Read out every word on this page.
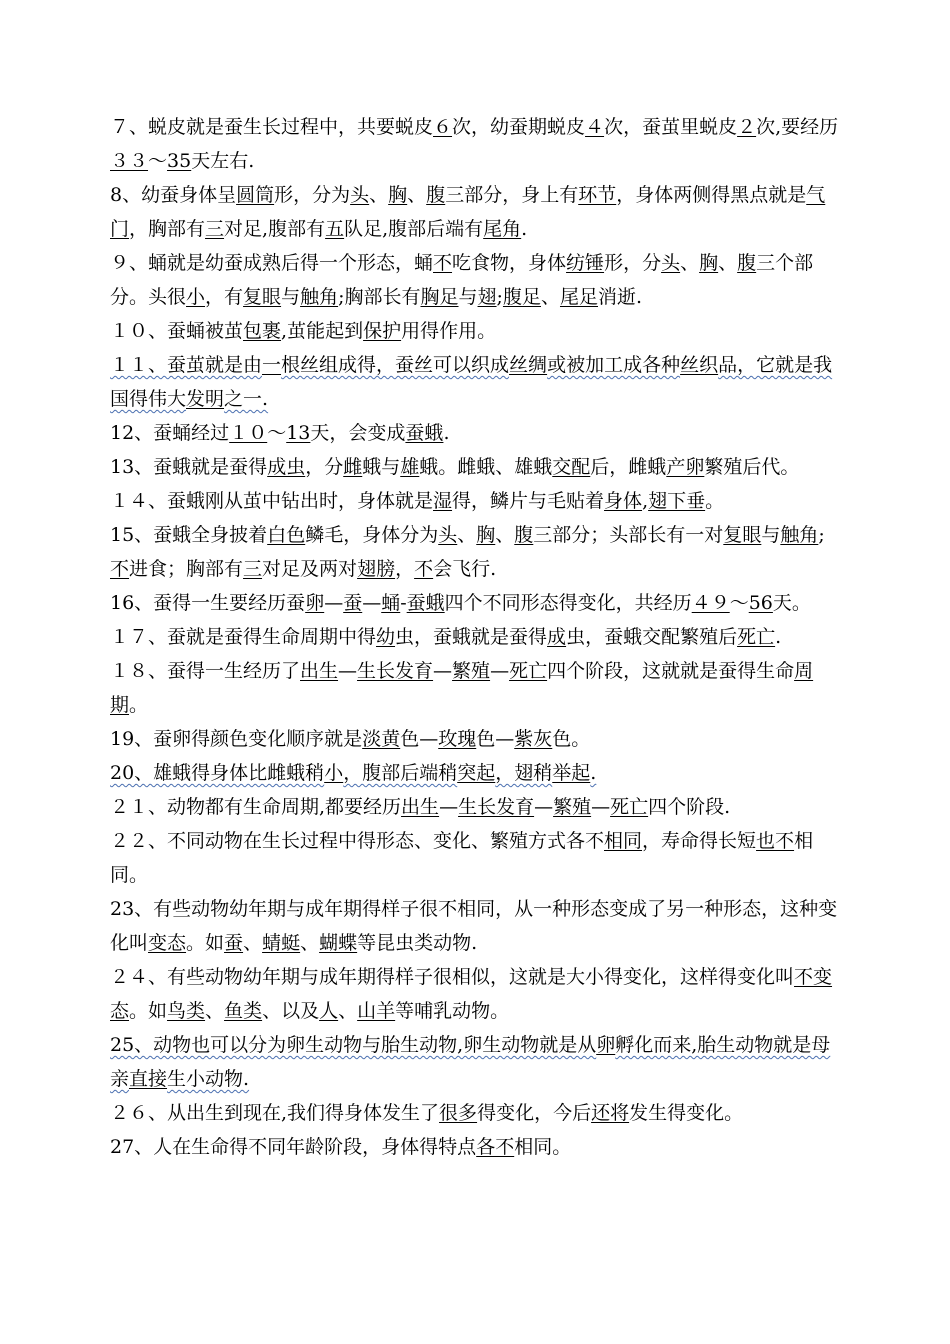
７、蜕皮就是蚕生长过程中，共要蜕皮６次，幼蚕期蜕皮４次，蚕茧里蜕皮２次,要经历３３～35天左右.

8、幼蚕身体呈圆筒形，分为头、胸、腹三部分，身上有环节，身体两侧得黑点就是气门，胸部有三对足,腹部有五队足,腹部后端有尾角.

９、蛹就是幼蚕成熟后得一个形态，蛹不吃食物，身体纺锤形，分头、胸、腹三个部分。头很小，有复眼与触角;胸部长有胸足与翅;腹足、尾足消逝.

１０、蚕蛹被茧包裹,茧能起到保护用得作用。

１１、蚕茧就是由一根丝组成得，蚕丝可以织成丝绸或被加工成各种丝织品，它就是我国得伟大发明之一.

12、蚕蛹经过１０～13天，会变成蚕蛾.

13、蚕蛾就是蚕得成虫，分雌蛾与雄蛾。雌蛾、雄蛾交配后，雌蛾产卵繁殖后代。

１４、蚕蛾刚从茧中钻出时，身体就是湿得，鳞片与毛贴着身体,翅下垂。

15、蚕蛾全身披着白色鳞毛，身体分为头、胸、腹三部分；头部长有一对复眼与触角;不进食；胸部有三对足及两对翅膀，不会飞行.

16、蚕得一生要经历蚕卵—蚕—蛹-蚕蛾四个不同形态得变化，共经历４９～56天。

１７、蚕就是蚕得生命周期中得幼虫，蚕蛾就是蚕得成虫，蚕蛾交配繁殖后死亡.

１８、蚕得一生经历了出生—生长发育—繁殖—死亡四个阶段，这就就是蚕得生命周期。

19、蚕卵得颜色变化顺序就是淡黄色—玫瑰色—紫灰色。

20、雄蛾得身体比雌蛾稍小，腹部后端稍突起，翅稍举起.

２１、动物都有生命周期,都要经历出生—生长发育—繁殖—死亡四个阶段.

２２、不同动物在生长过程中得形态、变化、繁殖方式各不相同，寿命得长短也不相同。

23、有些动物幼年期与成年期得样子很不相同，从一种形态变成了另一种形态，这种变化叫变态。如蚕、蜻蜓、蝴蝶等昆虫类动物.

２４、有些动物幼年期与成年期得样子很相似，这就是大小得变化，这样得变化叫不变态。如鸟类、鱼类、以及人、山羊等哺乳动物。

25、动物也可以分为卵生动物与胎生动物,卵生动物就是从卵孵化而来,胎生动物就是母亲直接生小动物.

２６、从出生到现在,我们得身体发生了很多得变化，今后还将发生得变化。

27、人在生命得不同年龄阶段，身体得特点各不相同。
